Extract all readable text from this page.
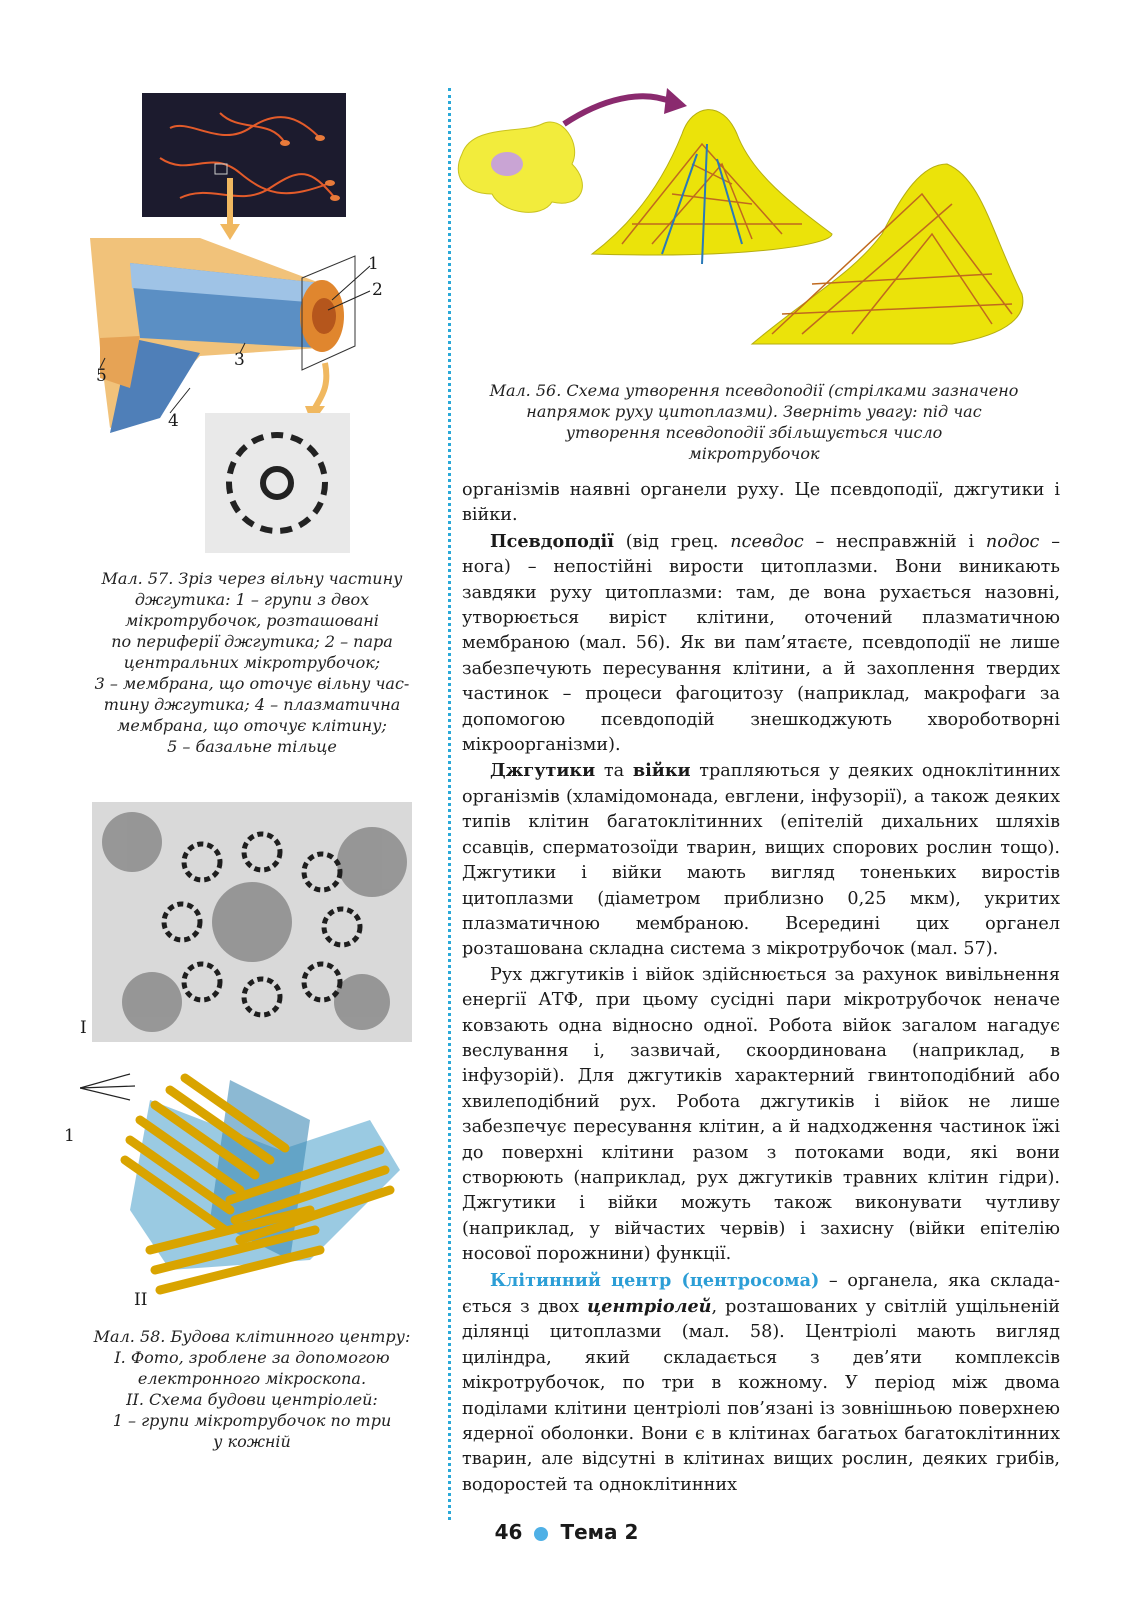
1
2
3
4
5
Мал. 57. Зріз через вільну частину
джгутика: 1 – групи з двох
мікротрубочок, розташовані
по периферії джгутика; 2 – пара
центральних мікротрубочок;
3 – мембрана, що оточує вільну час-
тину джгутика; 4 – плазматична
мембрана, що оточує клітину;
5 – базальне тільце
I
1
II
Мал. 58. Будова клітинного центру:
I. Фото, зроблене за допомогою
електронного мікроскопа.
II. Схема будови центріолей:
1 – групи мікротрубочок по три
у кожній
Мал. 56. Схема утворення псевдоподії (стрілками зазначено
напрямок руху цитоплазми). Зверніть увагу: під час
утворення псевдоподії збільшується число
мікротрубочок

організмів наявні органели руху. Це псевдоподії, джгутики і війки.

Псевдоподії (від грец. псевдос – несправжній і подос – нога) – непостійні вирости цитоплазми. Вони виникають завдяки руху цитоплазми: там, де вона рухається назовні, утворюється виріст клітини, оточений плазматичною мембраною (мал. 56). Як ви пам’ятаєте, псевдоподії не лише забезпечують пересування клітини, а й захоплення твердих частинок – процеси фагоцитозу (наприклад, макрофаги за допомогою псевдоподій знешкоджують хвороботворні мікроорганізми).

Джгутики та війки трапляються у деяких одноклітинних організмів (хламідомонада, евглени, інфузорії), а також деяких типів клітин багатоклітинних (епітелій дихальних шляхів ссавців, сперматозоїди тварин, вищих спорових рослин тощо). Джгутики і війки мають вигляд тоненьких виростів цитоплазми (діаметром приблизно 0,25 мкм), укритих плазматичною мембраною. Всередині цих органел розташована складна система з мікротрубочок (мал. 57).

Рух джгутиків і війок здійснюється за рахунок вивільнення енергії АТФ, при цьому сусідні пари мікротрубочок неначе ковзають одна відносно одної. Робота війок загалом нагадує веслування і, зазвичай, скоординована (наприклад, в інфузорій). Для джгутиків характерний гвинтоподібний або хвилеподібний рух. Робота джгутиків і війок не лише забезпечує пересування клітин, а й надходження частинок їжі до поверхні клітини разом з потоками води, які вони створюють (наприклад, рух джгутиків травних клітин гідри). Джгутики і війки можуть також виконувати чутливу (наприклад, у війчастих червів) і захисну (війки епітелію носової порожнини) функції.

Клітинний центр (центросома) – органела, яка складається з двох центріолей, розташованих у світлій ущільненій ділянці цитоплазми (мал. 58). Центріолі мають вигляд циліндра, який складається з дев’яти комплексів мікротрубочок, по три в кожному. У період між двома поділами клітини центріолі пов’язані із зовнішньою поверхнею ядерної оболонки. Вони є в клітинах багатьох багатоклітинних тварин, але відсутні в клітинах вищих рослин, деяких грибів, водоростей та одноклітинних

46 Тема 2
